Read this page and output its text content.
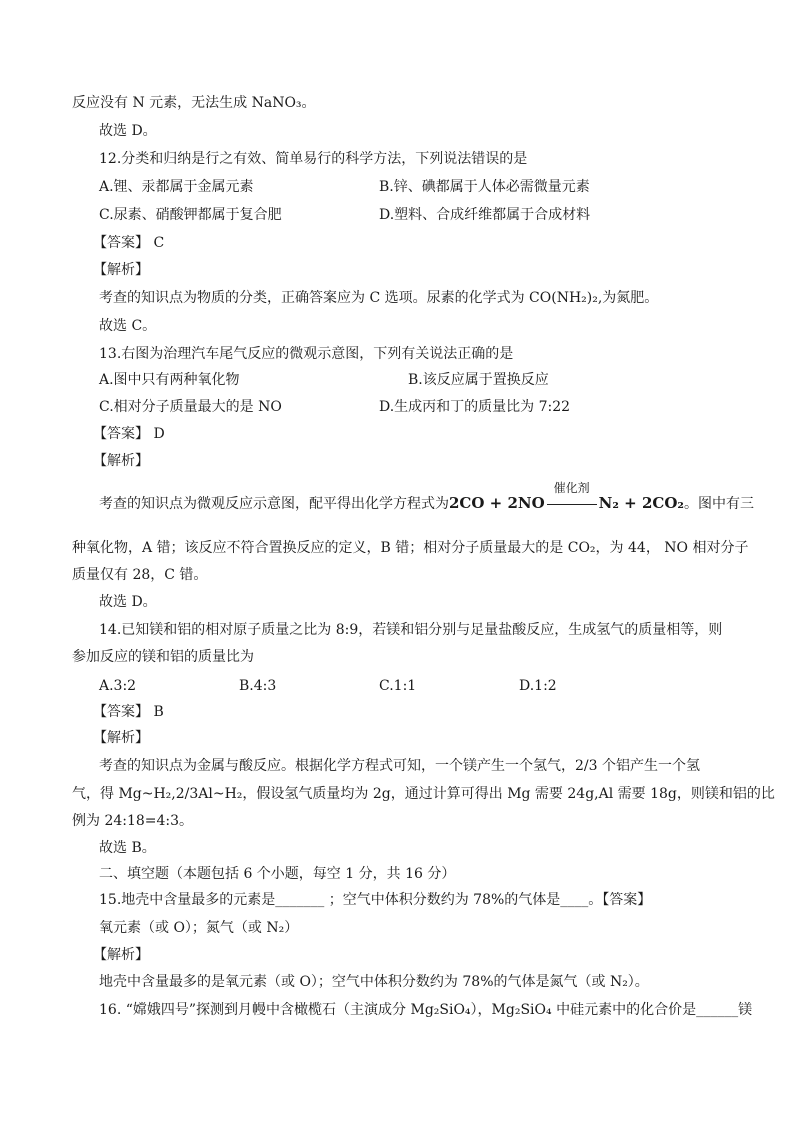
反应没有 N 元素，无法生成 NaNO₃。
故选 D。
12.分类和归纳是行之有效、简单易行的科学方法，下列说法错误的是
A.锂、汞都属于金属元素	B.锌、碘都属于人体必需微量元素
C.尿素、硝酸钾都属于复合肥	D.塑料、合成纤维都属于合成材料
【答案】 C
【解析】
考查的知识点为物质的分类，正确答案应为 C 选项。尿素的化学式为 CO(NH₂)₂,为氮肥。
故选 C。
13.右图为治理汽车尾气反应的微观示意图，下列有关说法正确的是
A.图中只有两种氧化物	B.该反应属于置换反应
C.相对分子质量最大的是 NO	D.生成丙和丁的质量比为 7:22
【答案】 D
【解析】
考查的知识点为微观反应示意图，配平得出化学方程式为2CO + 2NO
催化剂
N₂ + 2CO₂。图中有三
种氧化物，A 错；该反应不符合置换反应的定义，B 错；相对分子质量最大的是 CO₂，为 44， NO 相对分子
质量仅有 28，C 错。
故选 D。
14.已知镁和铝的相对原子质量之比为 8:9，若镁和铝分别与足量盐酸反应，生成氢气的质量相等，则
参加反应的镁和铝的质量比为
A.3:2	B.4:3	C.1:1	D.1:2
【答案】 B
【解析】
考查的知识点为金属与酸反应。根据化学方程式可知，一个镁产生一个氢气，2/3 个铝产生一个氢
气，得 Mg~H₂,2/3Al~H₂，假设氢气质量均为 2g，通过计算可得出 Mg 需要 24g,Al 需要 18g，则镁和铝的比
例为 24:18=4:3。
故选 B。
二、填空题（本题包括 6 个小题，每空 1 分，共 16 分）
15.地壳中含量最多的元素是_______ ；空气中体积分数约为 78%的气体是____。【答案】
氧元素（或 O）；氮气（或 N₂）
【解析】
地壳中含量最多的是氧元素（或 O）；空气中体积分数约为 78%的气体是氮气（或 N₂）。
16. “嫦娥四号”探测到月幔中含橄榄石（主演成分 Mg₂SiO₄），Mg₂SiO₄ 中硅元素中的化合价是______镁
